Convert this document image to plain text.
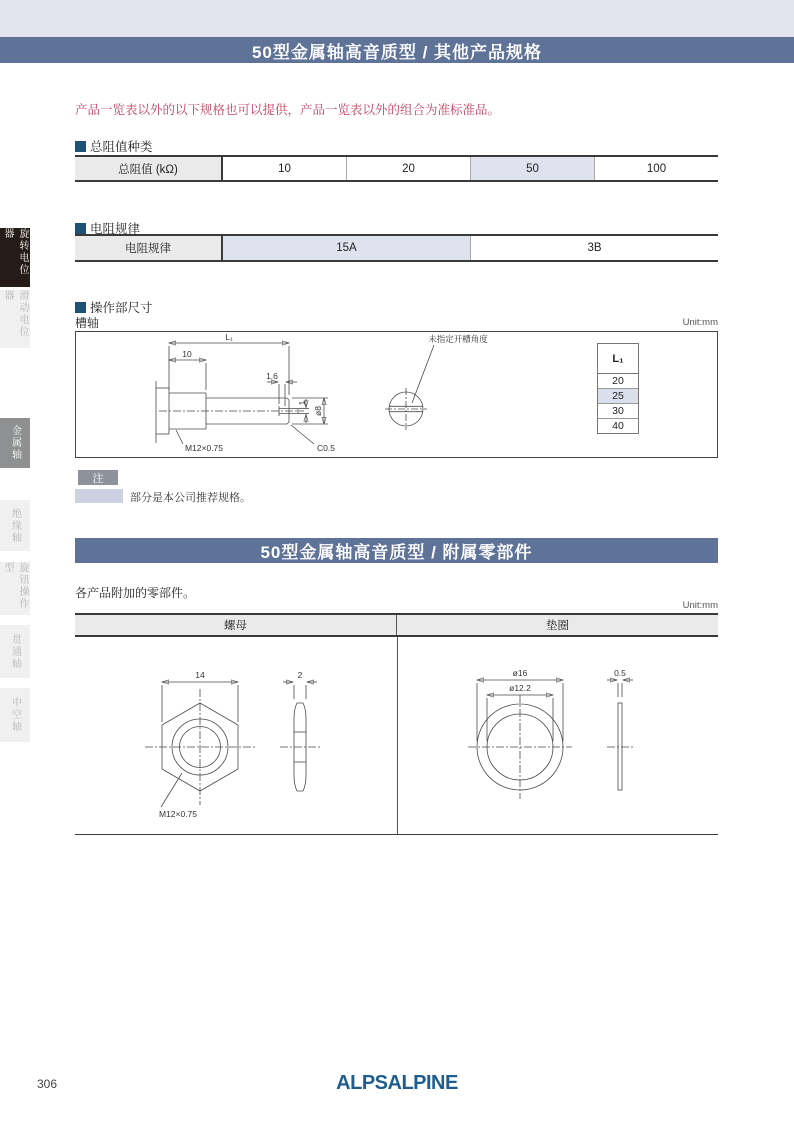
50型金属轴高音质型 / 其他产品规格
产品一览表以外的以下规格也可以提供，产品一览表以外的组合为准标准品。
总阻值种类
总阻值 (kΩ)	10	20	50	100
电阻规律
电阻规律	15A	3B
操作部尺寸
槽轴	Unit:mm
L₁
10
1.6
1
ø8
M12×0.75	C0.5
未指定开槽角度
L₁
20
25
30
40
注
部分是本公司推荐规格。
50型金属轴高音质型 / 附属零部件
各产品附加的零部件。
Unit:mm
螺母	垫圈
14
M12×0.75
2	ø16
ø12.2
0.5
旋转电位器
滑动电位器
金属轴
绝缘轴
旋钮操作型
贯通轴
中空轴
306	ALPSALPINE
